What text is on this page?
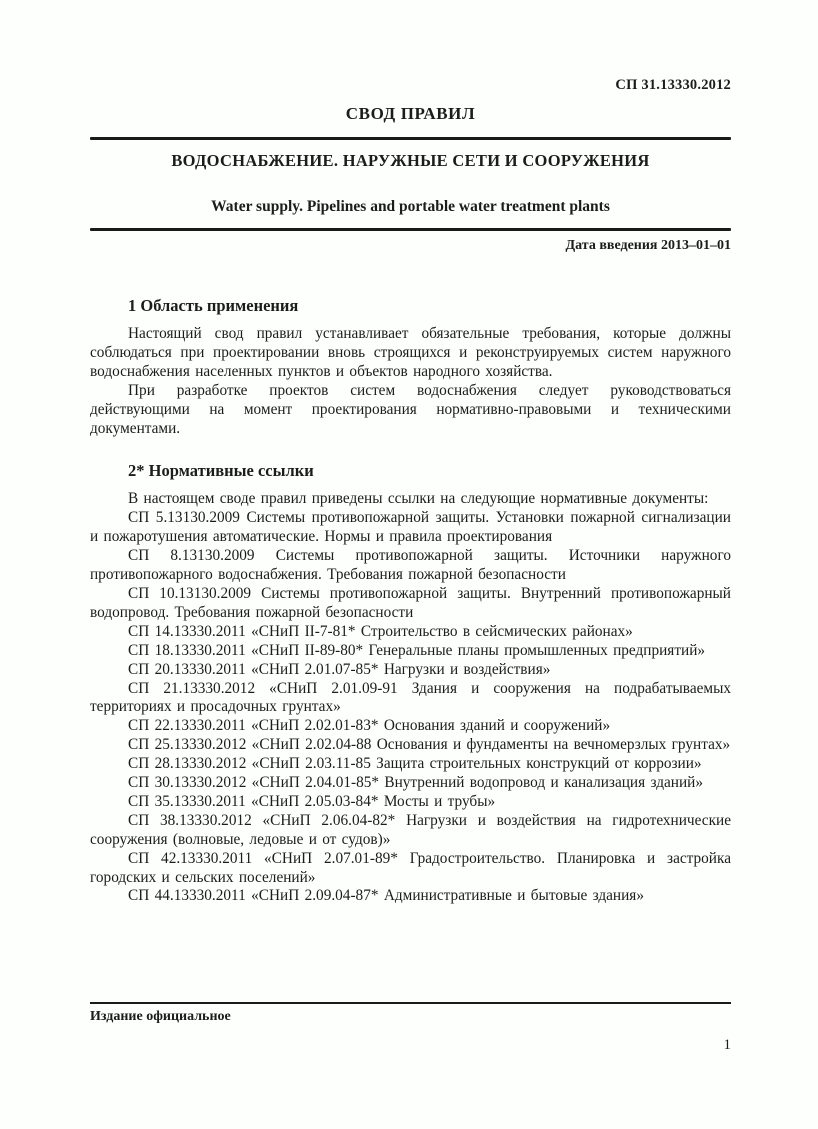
СП 31.13330.2012
СВОД ПРАВИЛ
ВОДОСНАБЖЕНИЕ. НАРУЖНЫЕ СЕТИ И СООРУЖЕНИЯ
Water supply. Pipelines and portable water treatment plants
Дата введения 2013–01–01
1 Область применения

Настоящий свод правил устанавливает обязательные требования, которые должны соблюдаться при проектировании вновь строящихся и реконструируемых систем наружного водоснабжения населенных пунктов и объектов народного хозяйства.

При разработке проектов систем водоснабжения следует руководствоваться действующими на момент проектирования нормативно-правовыми и техническими документами.

2* Нормативные ссылки

В настоящем своде правил приведены ссылки на следующие нормативные документы:

СП 5.13130.2009 Системы противопожарной защиты. Установки пожарной сигнализации и пожаротушения автоматические. Нормы и правила проектирования

СП 8.13130.2009 Системы противопожарной защиты. Источники наружного противопожарного водоснабжения. Требования пожарной безопасности

СП 10.13130.2009 Системы противопожарной защиты. Внутренний противопожарный водопровод. Требования пожарной безопасности

СП 14.13330.2011 «СНиП II-7-81* Строительство в сейсмических районах»

СП 18.13330.2011 «СНиП II-89-80* Генеральные планы промышленных предприятий»

СП 20.13330.2011 «СНиП 2.01.07-85* Нагрузки и воздействия»

СП 21.13330.2012 «СНиП 2.01.09-91 Здания и сооружения на подрабатываемых территориях и просадочных грунтах»

СП 22.13330.2011 «СНиП 2.02.01-83* Основания зданий и сооружений»

СП 25.13330.2012 «СНиП 2.02.04-88 Основания и фундаменты на вечномерзлых грунтах»

СП 28.13330.2012 «СНиП 2.03.11-85 Защита строительных конструкций от коррозии»

СП 30.13330.2012 «СНиП 2.04.01-85* Внутренний водопровод и канализация зданий»

СП 35.13330.2011 «СНиП 2.05.03-84* Мосты и трубы»

СП 38.13330.2012 «СНиП 2.06.04-82* Нагрузки и воздействия на гидротехнические сооружения (волновые, ледовые и от судов)»

СП 42.13330.2011 «СНиП 2.07.01-89* Градостроительство. Планировка и застройка городских и сельских поселений»

СП 44.13330.2011 «СНиП 2.09.04-87* Административные и бытовые здания»

Издание официальное
1
